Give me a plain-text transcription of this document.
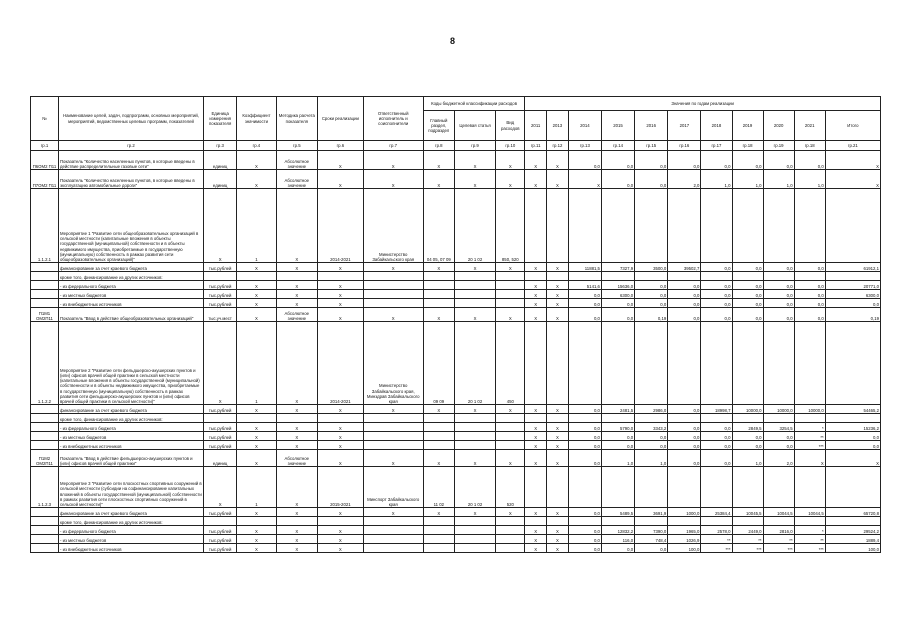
8
№	Наименование целей, задач, подпрограмм, основных мероприятий, мероприятий, ведомственных целевых программ, показателей	Единица измерения показателя	Коэффициент значимости	Методика расчета показателя	Сроки реализации	Ответственный исполнитель и соисполнители	Коды бюджетной классификации расходов			Значения по годам реализации										
							Главный раздел, подраздел	Целевая статья	Вид расходов	2011	2013	2014	2015	2016	2017	2018	2019	2020	2021	Итого
гр.1	гр.2	гр.3	гр.4	гр.5	гр.6	гр.7	гр.8	гр.9	гр.10	гр.11	гр.12	гр.13	гр.14	гр.15	гр.16	гр.17	гр.18	гр.19	гр.18	гр.21
П6ОМ2 П11	Показатель "Количество населенных пунктов, в которые введены в действие распределительные газовые сети"	единиц	Х	Абсолютное значение	Х	Х	Х	Х	Х	Х	Х	0,0	0,0	0,0	0,0	0,0	0,0	0,0	0,0	Х
П7ОМ2 П11	Показатель "Количество населенных пунктов, в которые введены в эксплуатацию автомобильные дороги"	единиц	Х	Абсолютное значение	Х	Х	Х	Х	Х	Х	Х	Х	0,0	0,0	2,0	1,0	1,0	1,0	1,0	Х
1.1.2.1	Мероприятие 1 "Развитие сети общеобразовательных организаций в сельской местности (капитальные вложения в объекты государственной (муниципальной) собственности и в объекты недвижимого имущества, приобретаемые в государственную (муниципальную) собственность в рамках развития сети общеобразовательных организаций)"	Х	1	Х	2014-2021	Министерство Забайкальского края	04 05, 07 09	20 1 02	850, 520											
	финансирование за счет краевого бюджета	тыс.рублей	Х	Х	Х	Х	Х	Х	Х	Х	Х	11881,5	7327,9	3500,0	39502,7	0,0	0,0	0,0	0,0	61912,1
	кроме того, финансирование из других источников:																			
	- из федерального бюджета	тыс.рублей	Х	Х	Х					Х	Х	5141,6	15636,0	0,0	0,0	0,0	0,0	0,0	0,0	20771,0
	- из местных бюджетов	тыс.рублей	Х	Х	Х					Х	Х	0,0	6300,0	0,0	0,0	0,0	0,0	0,0	0,0	6300,0
	- из внебюджетных источников	тыс.рублей	Х	Х	Х					Х	Х	0,0	0,0	0,0	0,0	0,0	0,0	0,0	0,0	0,0
П1М1 ОМ2П11	Показатель "Ввод в действие общеобразовательных организаций"	тыс.уч.мест	Х	Абсолютное значение	Х	Х	Х	Х	Х	Х	Х	0,0	0,0	0,19	0,0	0,0	0,0	0,0	0,0	0,19
1.1.2.2	Мероприятие 2 "Развитие сети фельдшерско-акушерских пунктов и (или) офисов врачей общей практики в сельской местности (капитальные вложения в объекты государственной (муниципальной) собственности и в объекты недвижимого имущества, приобретаемые в государственную (муниципальную) собственность в рамках развития сети фельдшерско-акушерских пунктов и (или) офисов врачей общей практики в сельской местности)"	Х	1	Х	2014-2021	Министерство Забайкальского края, Минздрав Забайкальского края	09 09	20 1 02	450											
	финансирование за счет краевого бюджета	тыс.рублей	Х	Х	Х	Х	Х	Х	Х	Х	Х	0,0	2481,5	2986,0	0,0	18998,7	10000,0	10000,0	10000,0	54465,2
	кроме того, финансирование из других источников:																			
	- из федерального бюджета	тыс.рублей	Х	Х	Х					Х	Х	0,0	5790,0	3343,2	0,0	0,0	2849,5	3254,5	*	15236,2
	- из местных бюджетов	тыс.рублей	Х	Х	Х					Х	Х	0,0	0,0	0,0	0,0	0,0	0,0	0,0	**	0,0
	- из внебюджетных источников	тыс.рублей	Х	Х	Х					Х	Х	0,0	0,0	0,0	0,0	0,0	0,0	0,0	***	0,0
П1М2 ОМ2П11	Показатель "Ввод в действие фельдшерско-акушерских пунктов и (или) офисов врачей общей практики"	единиц	Х	Абсолютное значение	Х	Х	Х	Х	Х	Х	Х	0,0	1,0	1,0	0,0	0,0	1,0	2,0	Х	Х
1.1.2.3	Мероприятие 3 "Развитие сети плоскостных спортивных сооружений в сельской местности (субсидии на софинансирование капитальных вложений в объекты государственной (муниципальной) собственности в рамках развития сети плоскостных спортивных сооружений в сельской местности)"	Х	1	Х	2015-2021	Минспорт Забайкальского края	11 02	20 1 02	520											
	финансирование за счет краевого бюджета	тыс.рублей	Х	Х	Х	Х	Х	Х	Х	Х	Х	0,0	5489,5	3691,9	1000,0	25384,4	10045,5	10044,5	10044,5	65720,8
	кроме того, финансирование из других источников:																			
	- из федерального бюджета	тыс.рублей	Х	Х	Х					Х	Х	0,0	12832,2	7390,0	1965,0	2578,0	2449,0	2816,0	*	29524,2
	- из местных бюджетов	тыс.рублей	Х	Х	Х					Х	Х	0,0	116,0	748,4	1026,9	**	**	**	**	1889,4
	- из внебюджетных источников	тыс.рублей	Х	Х	Х					Х	Х	0,0	0,0	0,0	100,0	***	***	***	***	100,0
